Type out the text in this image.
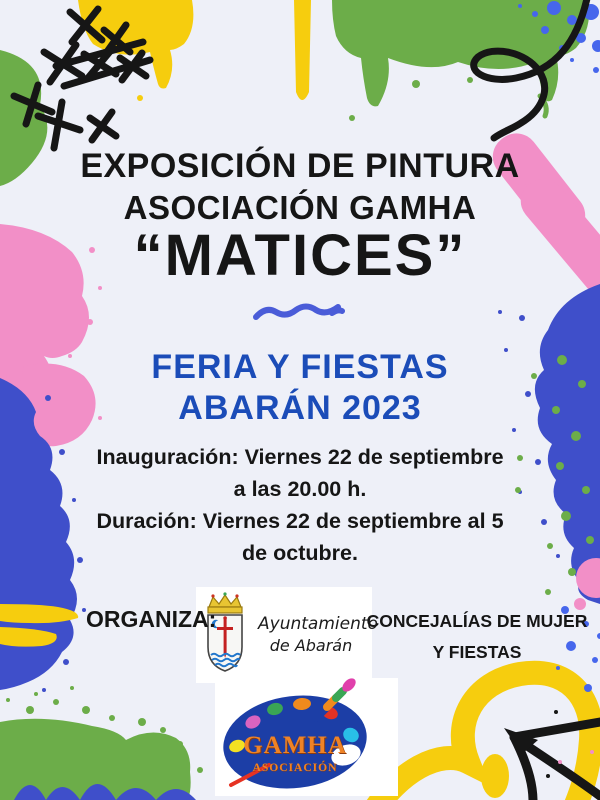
EXPOSICIÓN DE PINTURA
ASOCIACIÓN GAMHA
“MATICES”
FERIA Y FIESTAS
ABARÁN 2023
Inauguración: Viernes 22 de septiembre
a las 20.00 h.
Duración: Viernes 22 de septiembre al 5
de octubre.
ORGANIZA: Ayuntamiento
de Abarán
CONCEJALÍAS DE MUJER
Y FIESTAS
GAMHA
ASOCIACIÓN
